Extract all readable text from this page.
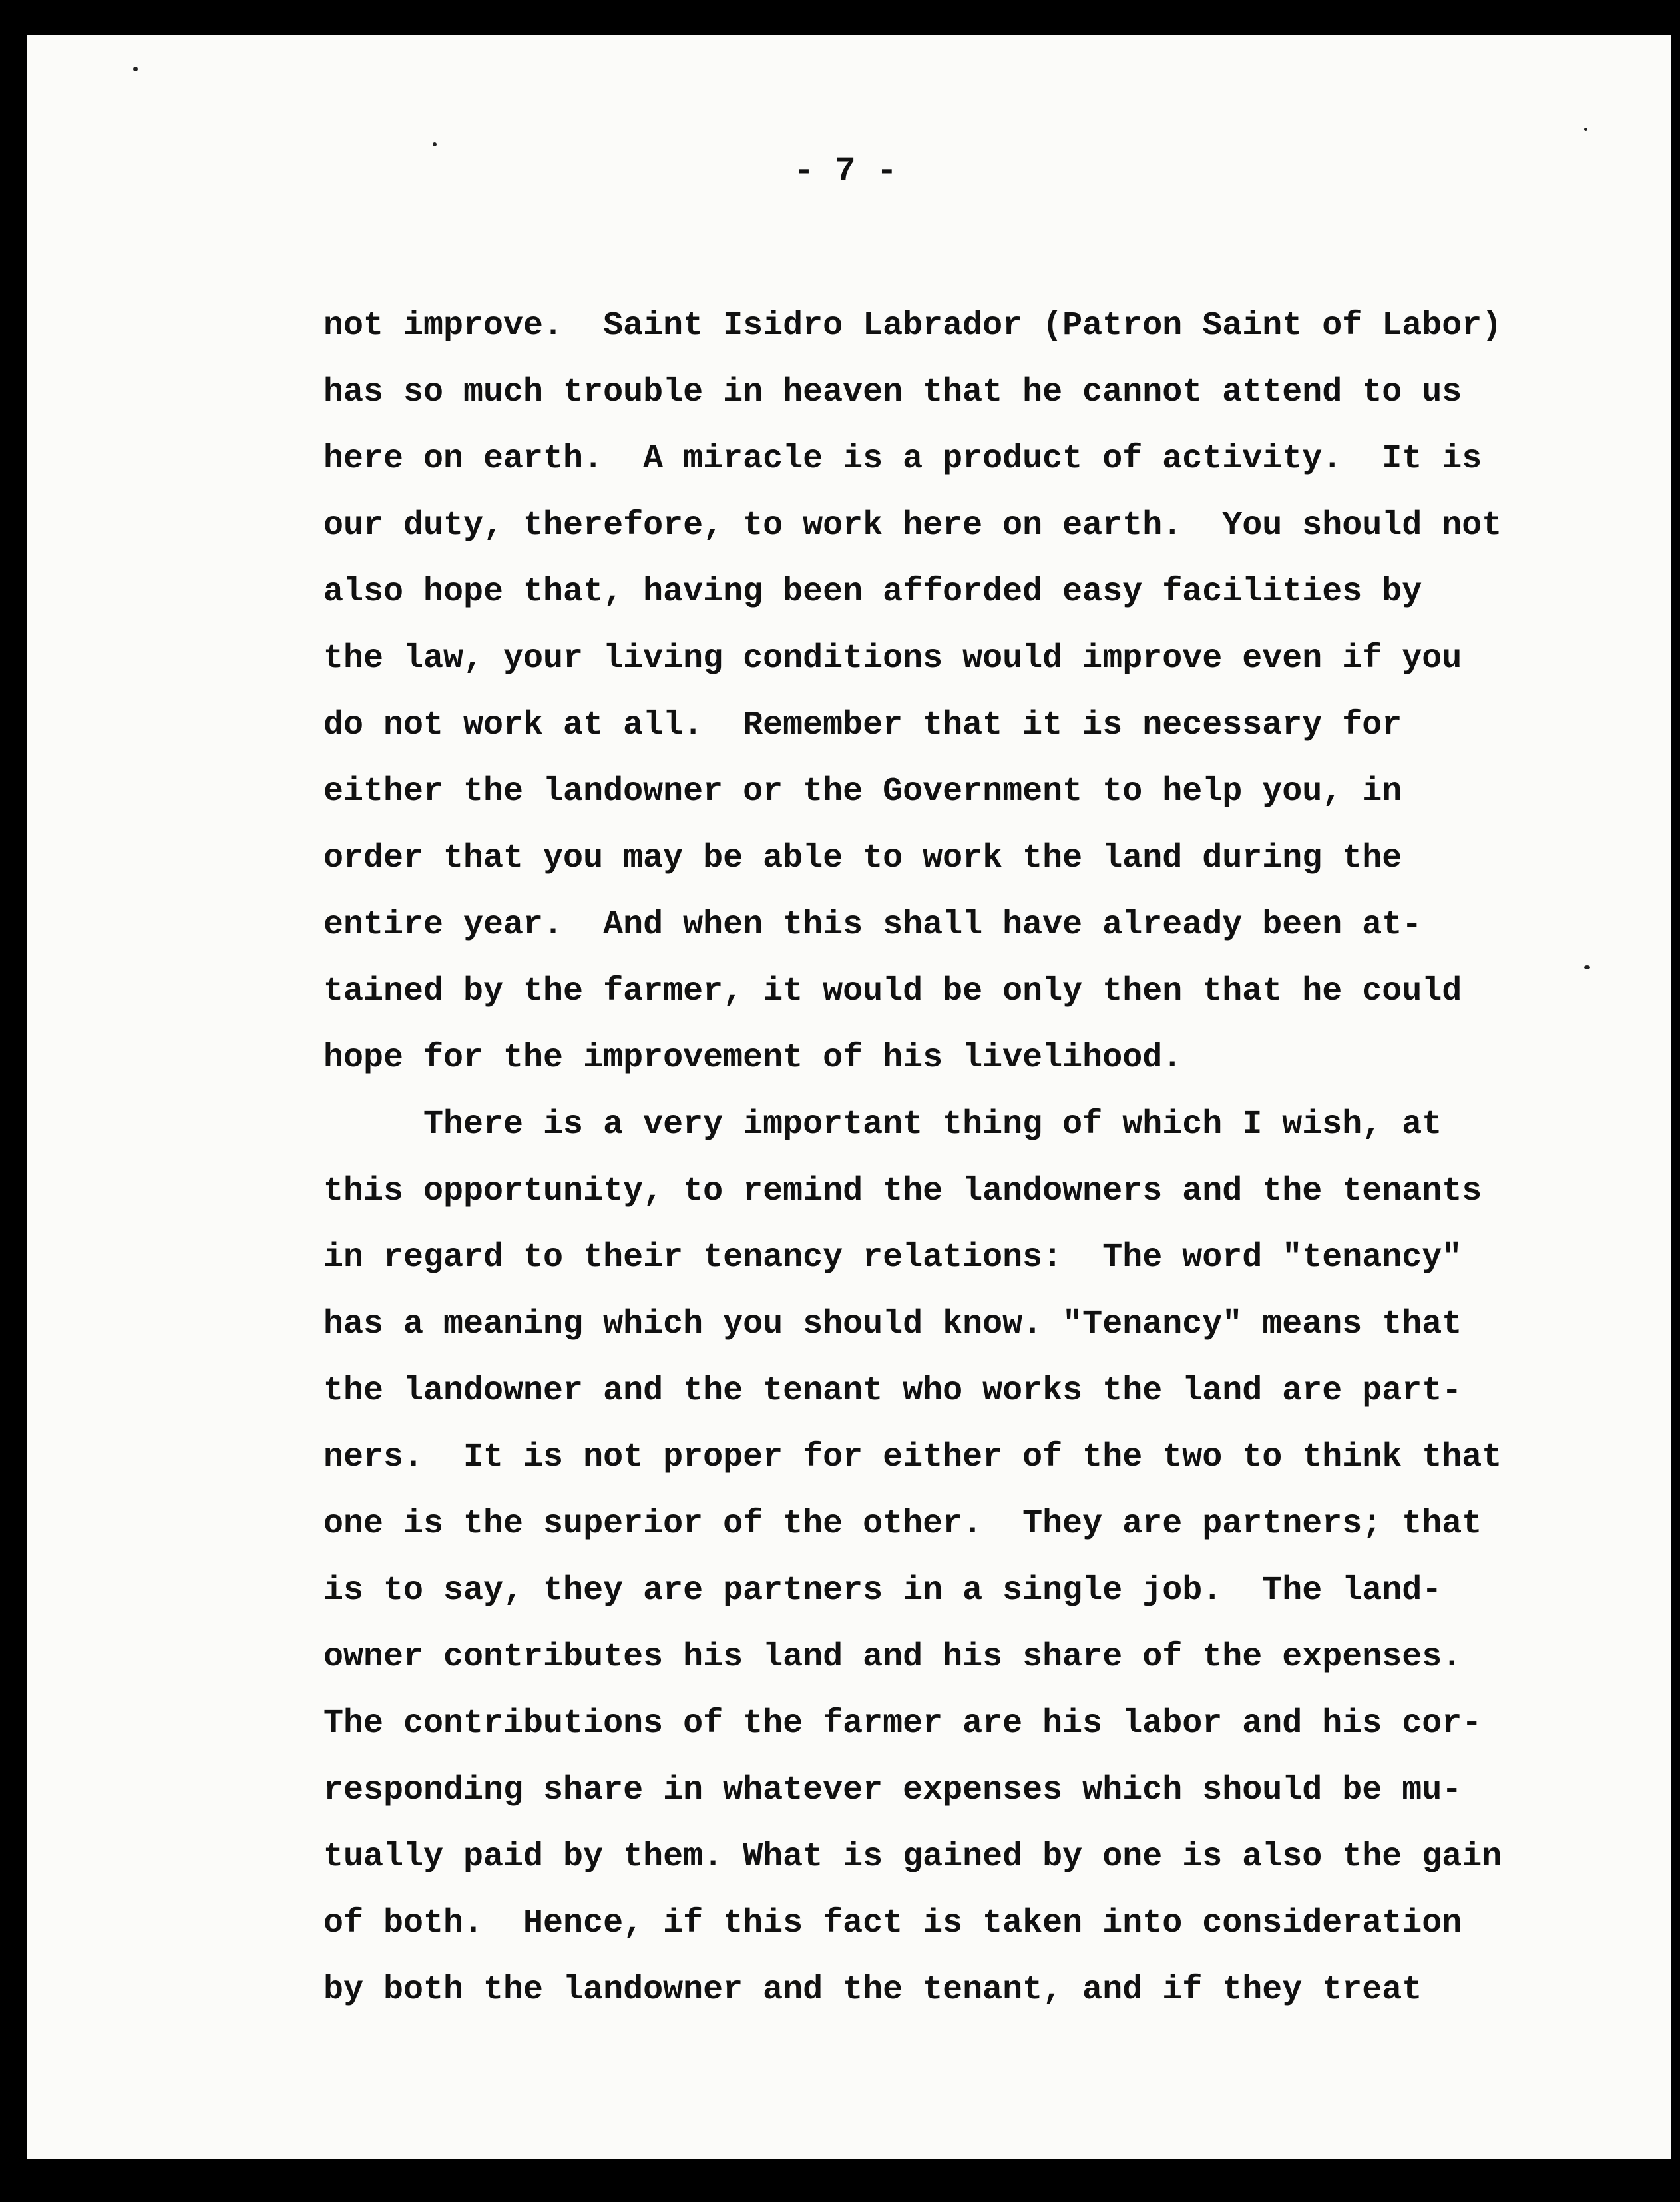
- 7 -
not improve.  Saint Isidro Labrador (Patron Saint of Labor)
has so much trouble in heaven that he cannot attend to us
here on earth.  A miracle is a product of activity.  It is
our duty, therefore, to work here on earth.  You should not
also hope that, having been afforded easy facilities by
the law, your living conditions would improve even if you
do not work at all.  Remember that it is necessary for
either the landowner or the Government to help you, in
order that you may be able to work the land during the
entire year.  And when this shall have already been at-
tained by the farmer, it would be only then that he could
hope for the improvement of his livelihood.
There is a very important thing of which I wish, at
this opportunity, to remind the landowners and the tenants
in regard to their tenancy relations:  The word "tenancy"
has a meaning which you should know. "Tenancy" means that
the landowner and the tenant who works the land are part-
ners.  It is not proper for either of the two to think that
one is the superior of the other.  They are partners; that
is to say, they are partners in a single job.  The land-
owner contributes his land and his share of the expenses.
The contributions of the farmer are his labor and his cor-
responding share in whatever expenses which should be mu-
tually paid by them. What is gained by one is also the gain
of both.  Hence, if this fact is taken into consideration
by both the landowner and the tenant, and if they treat
